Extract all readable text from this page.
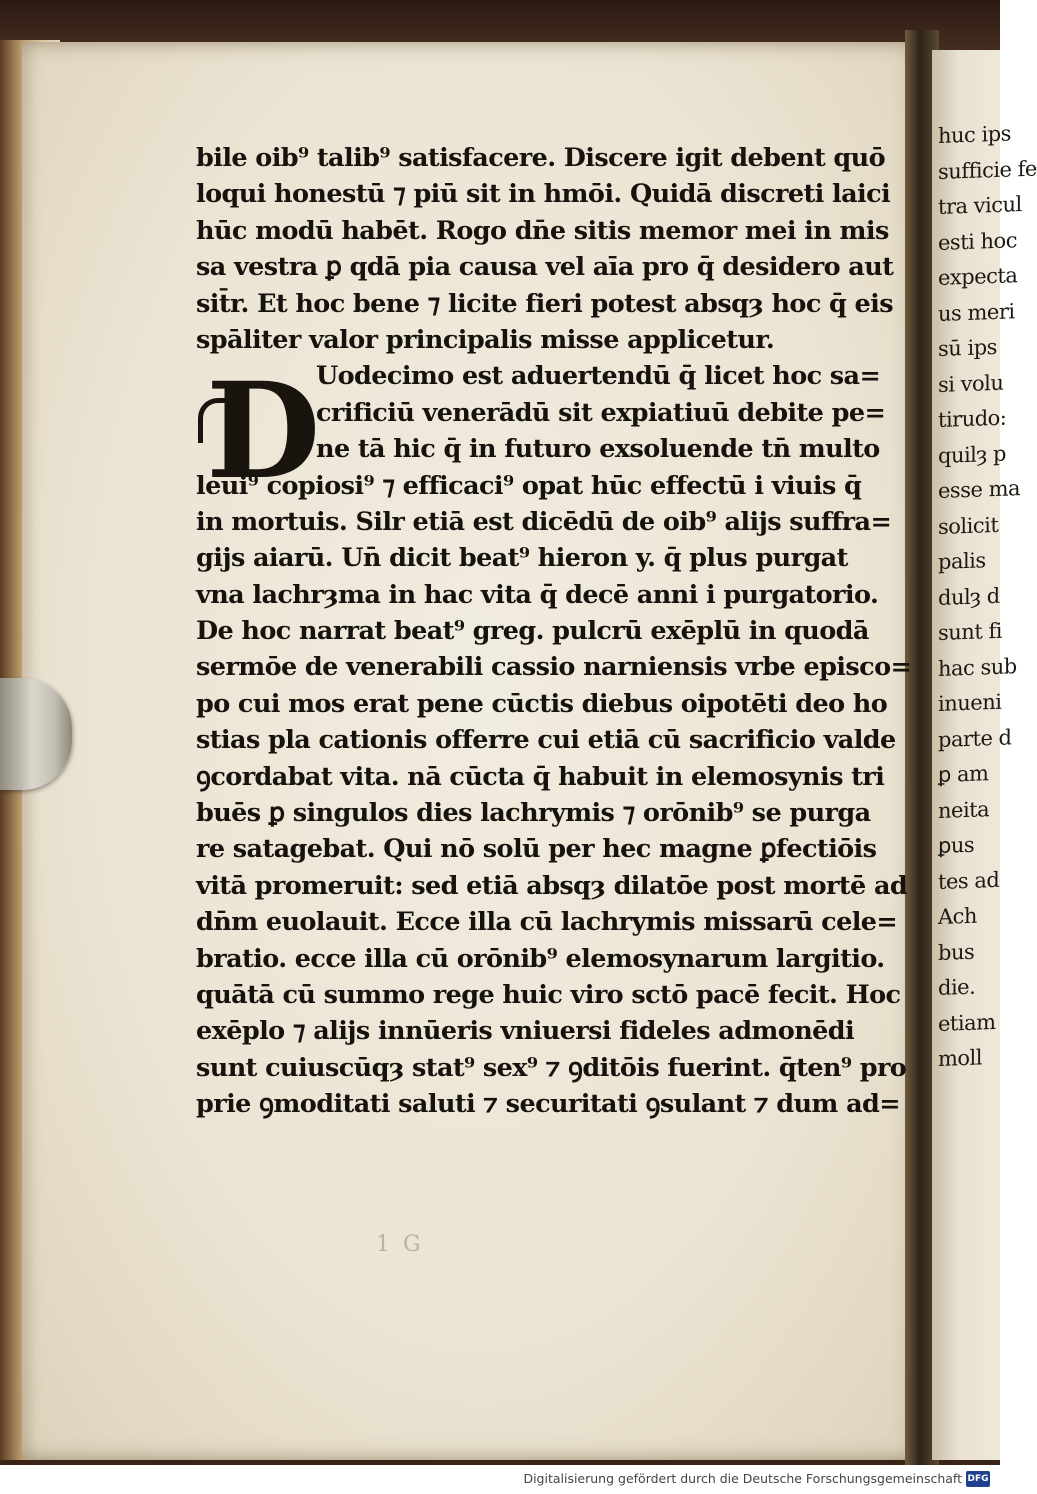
huc ips
sufficie fe
tra vicul
esti hoc
expecta
us meri
sū ips
si volu
tirudo:
quilȝ p
esse ma
solicit
palis
dulȝ d
sunt fi
hac sub
inueni
parte d
ꝑ am
neita
ꝑus
tes ad
Ach
bus
die.
etiam
moll
D
bile oib⁹ talib⁹ satisfacere. Discere igit debent quō
loqui honestū ⁊ piū sit in hmōi. Quidā discreti laici
hūc modū habēt. Rogo dn̄e sitis memor mei in mis
sa vestra ꝑ qdā pia causa vel aīa pro q̄ desidero aut
sit̄r. Et hoc bene ⁊ licite fieri potest absqȝ hoc q̄ eis
spāliter valor principalis misse applicetur.
Uodecimo est aduertendū q̄ licet hoc sa=
crificiū venerādū sit expiatiuū debite pe=
ne tā hic q̄ in futuro exsoluende tn̄ multo
leui⁹ copiosi⁹ ⁊ efficaci⁹ opat hūc effectū i viuis q̄
in mortuis. Silr etiā est dicēdū de oib⁹ alijs suffra=
gijs aiarū. Un̄ dicit beat⁹ hieron y. q̄ plus purgat
vna lachrȝma in hac vita q̄ decē anni i purgatorio.
De hoc narrat beat⁹ greg. pulcrū exēplū in quodā
sermōe de venerabili cassio narniensis vrbe episco=
po cui mos erat pene cūctis diebus oipotēti deo ho
stias pla cationis offerre cui etiā cū sacrificio valde
ꝯcordabat vita. nā cūcta q̄ habuit in elemosynis tri
buēs ꝑ singulos dies lachrymis ⁊ orōnib⁹ se purga
re satagebat. Qui nō solū per hec magne ꝑfectiōis
vitā promeruit: sed etiā absqȝ dilatōe post mortē ad
dn̄m euolauit. Ecce illa cū lachrymis missarū cele=
bratio. ecce illa cū orōnib⁹ elemosynarum largitio.
quātā cū summo rege huic viro sctō pacē fecit. Hoc
exēplo ⁊ alijs innūeris vniuersi fideles admonēdi
sunt cuiuscūqȝ stat⁹ sex⁹ ⁊ ꝯditōis fuerint. q̄ten⁹ pro
prie ꝯmoditati saluti ⁊ securitati ꝯsulant ⁊ dum ad=
1 G
Digitalisierung gefördert durch die Deutsche Forschungsgemeinschaft DFG
